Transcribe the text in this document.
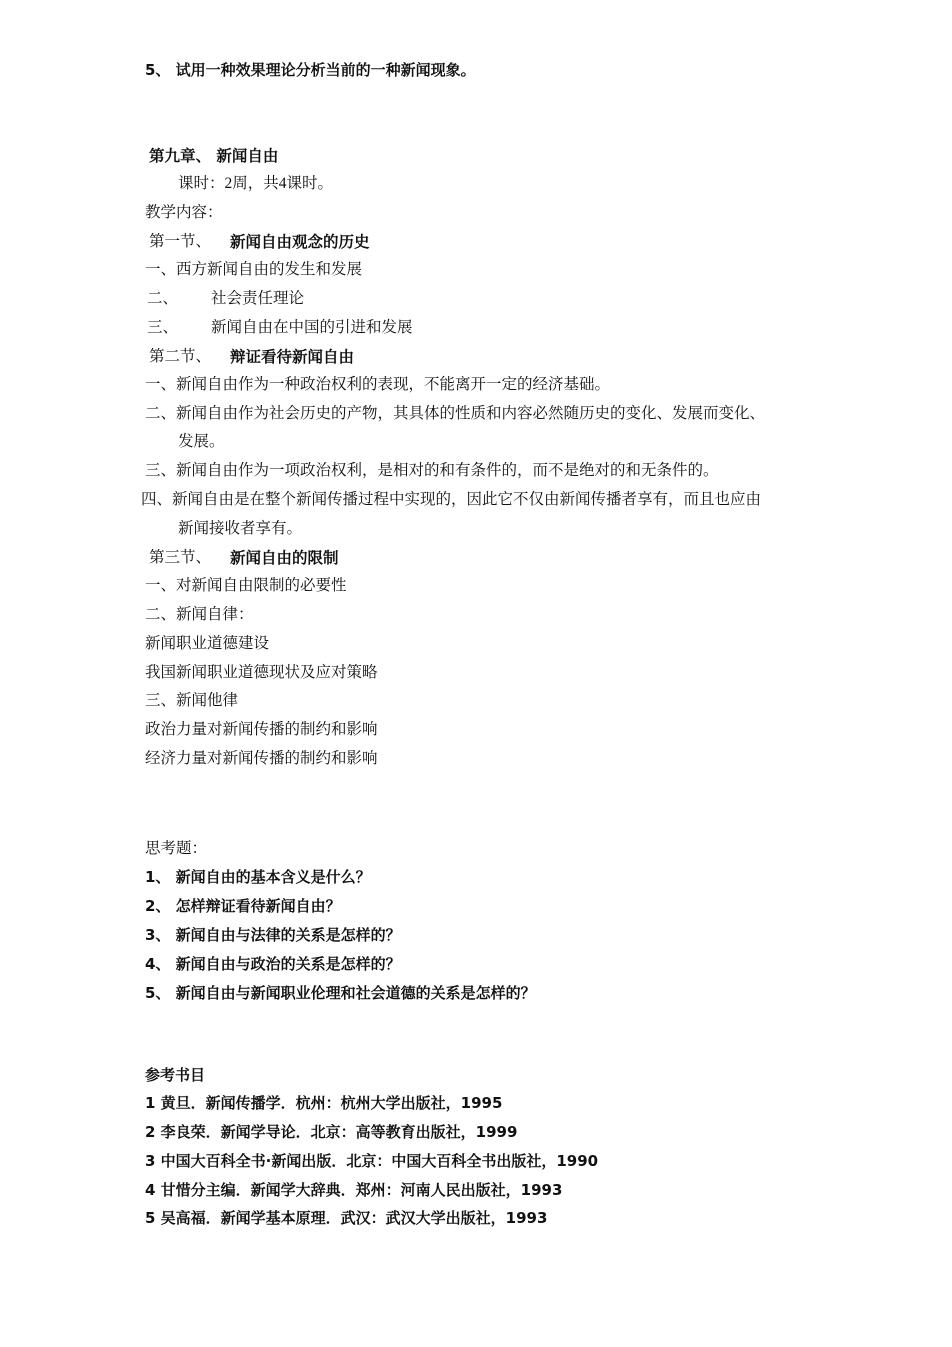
5、 试用一种效果理论分析当前的一种新闻现象。
第九章、 新闻自由
课时：2周，共4课时。
教学内容：
第一节、 新闻自由观念的历史
一、西方新闻自由的发生和发展
二、 社会责任理论
三、 新闻自由在中国的引进和发展
第二节、 辩证看待新闻自由
一、新闻自由作为一种政治权利的表现，不能离开一定的经济基础。
二、新闻自由作为社会历史的产物，其具体的性质和内容必然随历史的变化、发展而变化、
发展。
三、新闻自由作为一项政治权利，是相对的和有条件的，而不是绝对的和无条件的。
四、新闻自由是在整个新闻传播过程中实现的，因此它不仅由新闻传播者享有，而且也应由
新闻接收者享有。
第三节、 新闻自由的限制
一、对新闻自由限制的必要性
二、新闻自律：
新闻职业道德建设
我国新闻职业道德现状及应对策略
三、新闻他律
政治力量对新闻传播的制约和影响
经济力量对新闻传播的制约和影响
思考题：
1、 新闻自由的基本含义是什么？
2、 怎样辩证看待新闻自由？
3、 新闻自由与法律的关系是怎样的？
4、 新闻自由与政治的关系是怎样的？
5、 新闻自由与新闻职业伦理和社会道德的关系是怎样的？
参考书目
1 黄旦．新闻传播学．杭州：杭州大学出版社，1995
2 李良荣．新闻学导论．北京：高等教育出版社，1999
3 中国大百科全书·新闻出版．北京：中国大百科全书出版社，1990
4 甘惜分主编．新闻学大辞典．郑州：河南人民出版社，1993
5 吴高福．新闻学基本原理．武汉：武汉大学出版社，1993
